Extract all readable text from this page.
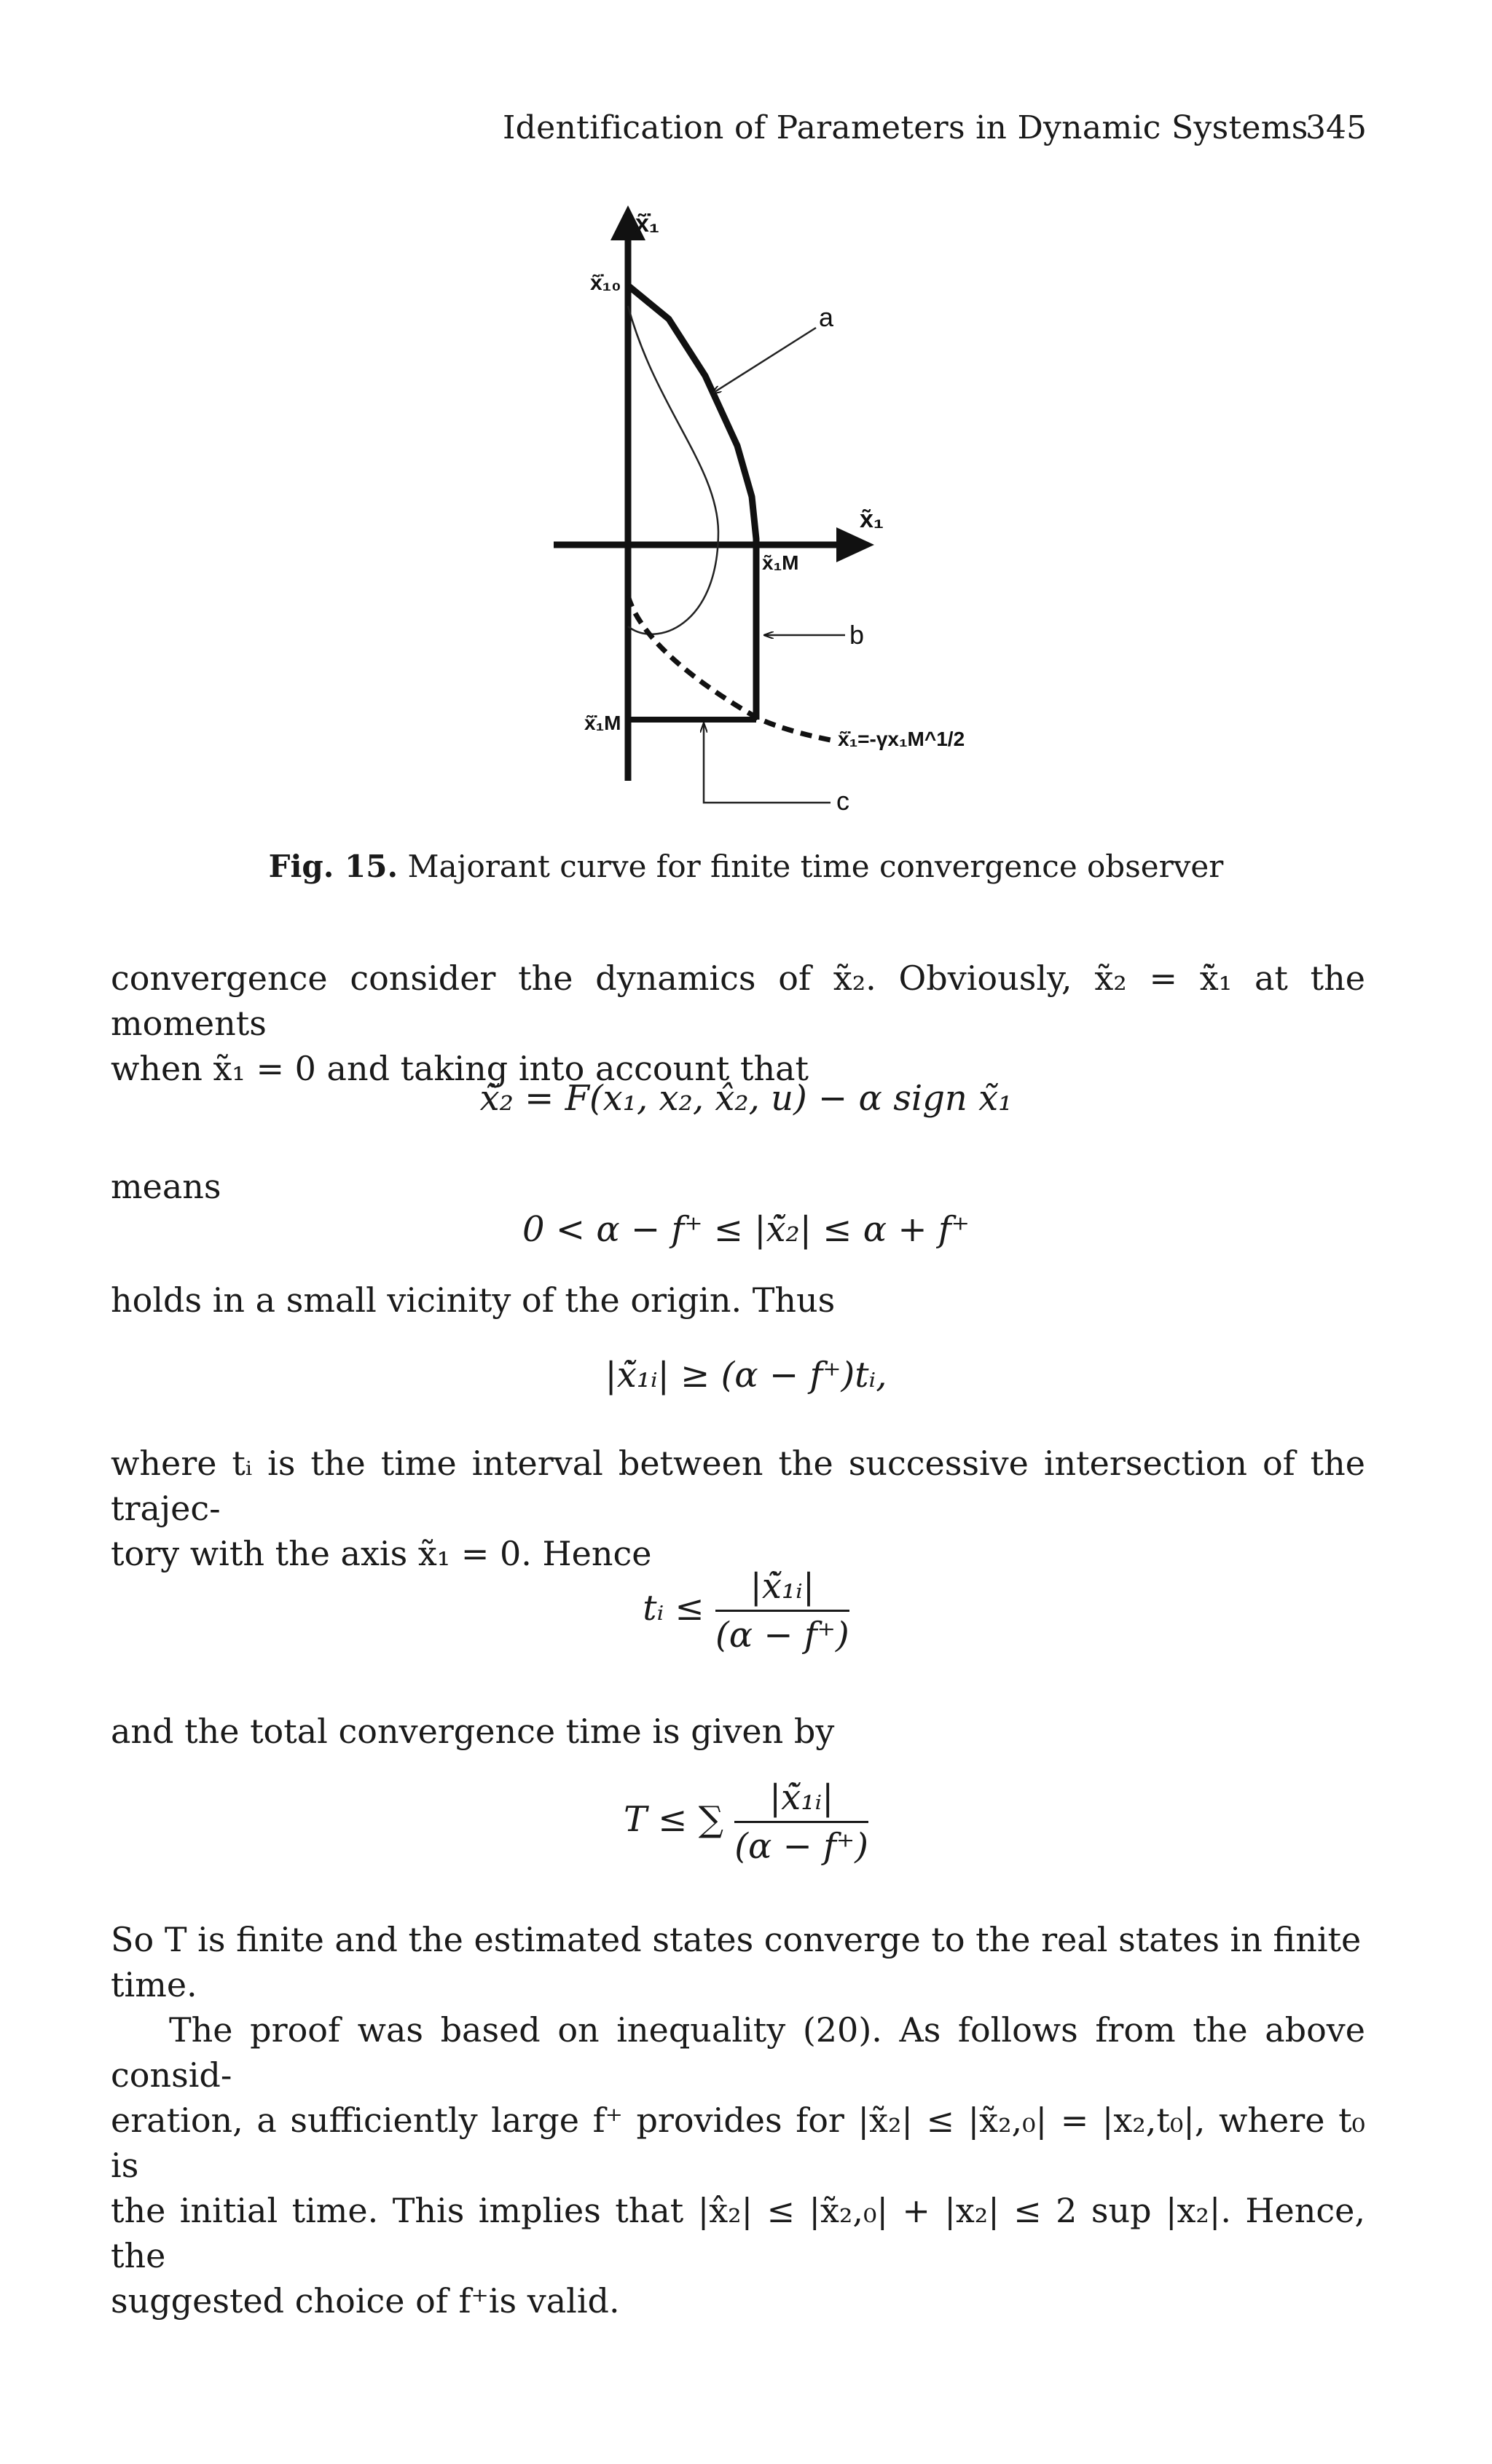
Identification of Parameters in Dynamic Systems
345
x̃̇₁
x̃̇₁₀
x̃₁
x̃₁M
x̃̇₁M
a
b
c
x̃̇₁=-γx₁M^1/2
Fig. 15. Majorant curve for finite time convergence observer
convergence consider the dynamics of x̃₂. Obviously, x̃₂ = x̃̇₁ at the moments
when x̃₁ = 0 and taking into account that
x̃̇₂ = F(x₁, x₂, x̂₂, u) − α sign x̃₁
means
0 < α − f⁺ ≤ |x̃̇₂| ≤ α + f⁺
holds in a small vicinity of the origin. Thus
|x̃̇₁ᵢ| ≥ (α − f⁺)tᵢ,
where tᵢ is the time interval between the successive intersection of the trajec-
tory with the axis x̃₁ = 0. Hence
tᵢ ≤ $\frac{\text{|x̃̇₁ᵢ|}}{(\alpha - f^+)}$
and the total convergence time is given by
T ≤ ∑ $\frac{\text{|x̃̇₁ᵢ|}}{(\alpha - f^+)}$
So T is finite and the estimated states converge to the real states in finite
time.
The proof was based on inequality (20). As follows from the above consid-
eration, a sufficiently large f⁺ provides for |x̃₂| ≤ |x̃₂,₀| = |x₂,t₀|, where t₀ is
the initial time. This implies that |x̂₂| ≤ |x̃₂,₀| + |x₂| ≤ 2 sup |x₂|. Hence, the
suggested choice of f⁺is valid.
